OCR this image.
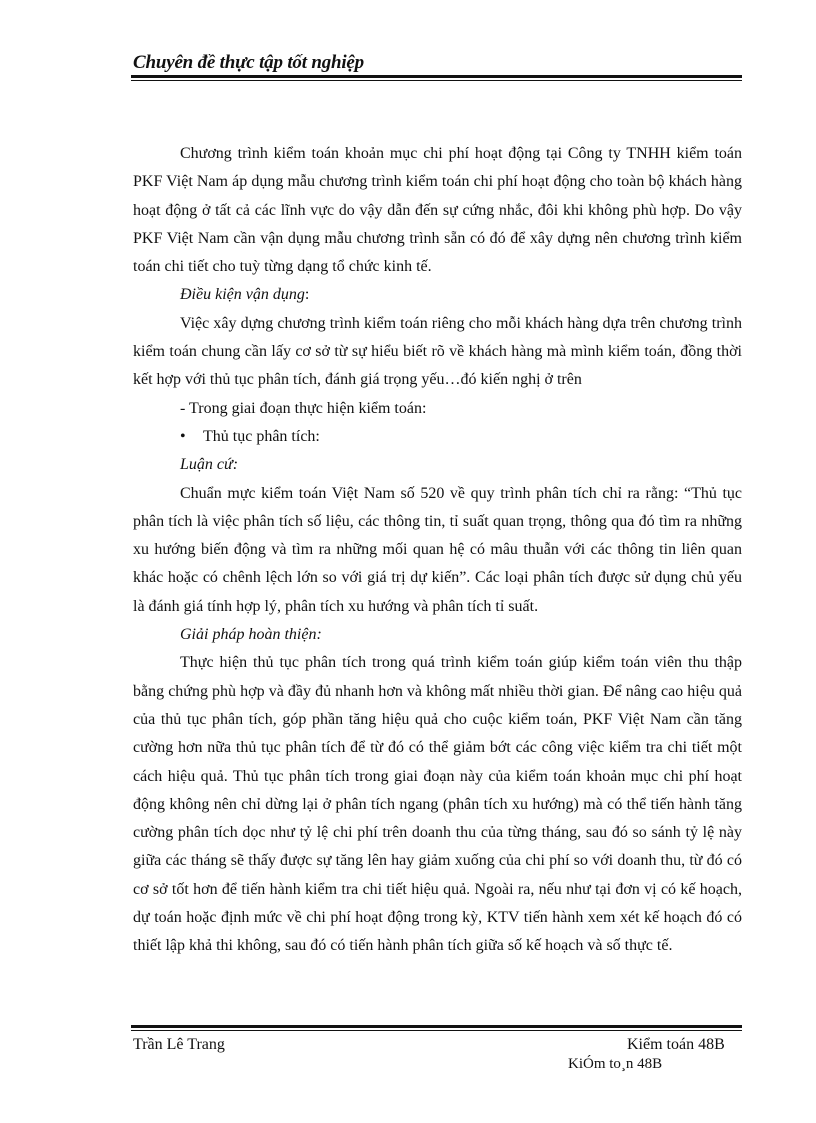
Chuyên đề thực tập tốt nghiệp

Chương trình kiểm toán khoản mục chi phí hoạt động tại Công ty TNHH kiểm toán PKF Việt Nam áp dụng mẫu chương trình kiểm toán chi phí hoạt động cho toàn bộ khách hàng hoạt động ở tất cả các lĩnh vực do vậy dẫn đến sự cứng nhắc, đôi khi không phù hợp. Do vậy PKF Việt Nam cần vận dụng mẫu chương trình sẵn có đó để xây dựng nên chương trình kiểm toán chi tiết cho tuỳ từng dạng tổ chức kinh tế.

Điều kiện vận dụng:

Việc xây dựng chương trình kiểm toán riêng cho mỗi khách hàng dựa trên chương trình kiểm toán chung cần lấy cơ sở từ sự hiểu biết rõ về khách hàng mà mình kiểm toán, đồng thời kết hợp với thủ tục phân tích, đánh giá trọng yếu…đó kiến nghị ở trên

- Trong giai đoạn thực hiện kiểm toán:

• Thủ tục phân tích:

Luận cứ:

Chuẩn mực kiểm toán Việt Nam số 520 về quy trình phân tích chỉ ra rằng: “Thủ tục phân tích là việc phân tích số liệu, các thông tin, tỉ suất quan trọng, thông qua đó tìm ra những xu hướng biến động và tìm ra những mối quan hệ có mâu thuẫn với các thông tin liên quan khác hoặc có chênh lệch lớn so với giá trị dự kiến”. Các loại phân tích được sử dụng chủ yếu là đánh giá tính hợp lý, phân tích xu hướng và phân tích tỉ suất.

Giải pháp hoàn thiện:

Thực hiện thủ tục phân tích trong quá trình kiểm toán giúp kiểm toán viên thu thập bằng chứng phù hợp và đầy đủ nhanh hơn và không mất nhiều thời gian. Để nâng cao hiệu quả của thủ tục phân tích, góp phần tăng hiệu quả cho cuộc kiểm toán, PKF Việt Nam cần tăng cường hơn nữa thủ tục phân tích để từ đó có thể giảm bớt các công việc kiểm tra chi tiết một cách hiệu quả. Thủ tục phân tích trong giai đoạn này của kiểm toán khoản mục chi phí hoạt động không nên chỉ dừng lại ở phân tích ngang (phân tích xu hướng) mà có thể tiến hành tăng cường phân tích dọc như tỷ lệ chi phí trên doanh thu của từng tháng, sau đó so sánh tỷ lệ này giữa các tháng sẽ thấy được sự tăng lên hay giảm xuống của chi phí so với doanh thu, từ đó có cơ sở tốt hơn để tiến hành kiểm tra chi tiết hiệu quả. Ngoài ra, nếu như tại đơn vị có kế hoạch, dự toán hoặc định mức về chi phí hoạt động trong kỳ, KTV tiến hành xem xét kế hoạch đó có thiết lập khả thi không, sau đó có tiến hành phân tích giữa số kế hoạch và số thực tế.

Trần Lê Trang	Kiểm toán 48B
KiÓm to¸n 48B
